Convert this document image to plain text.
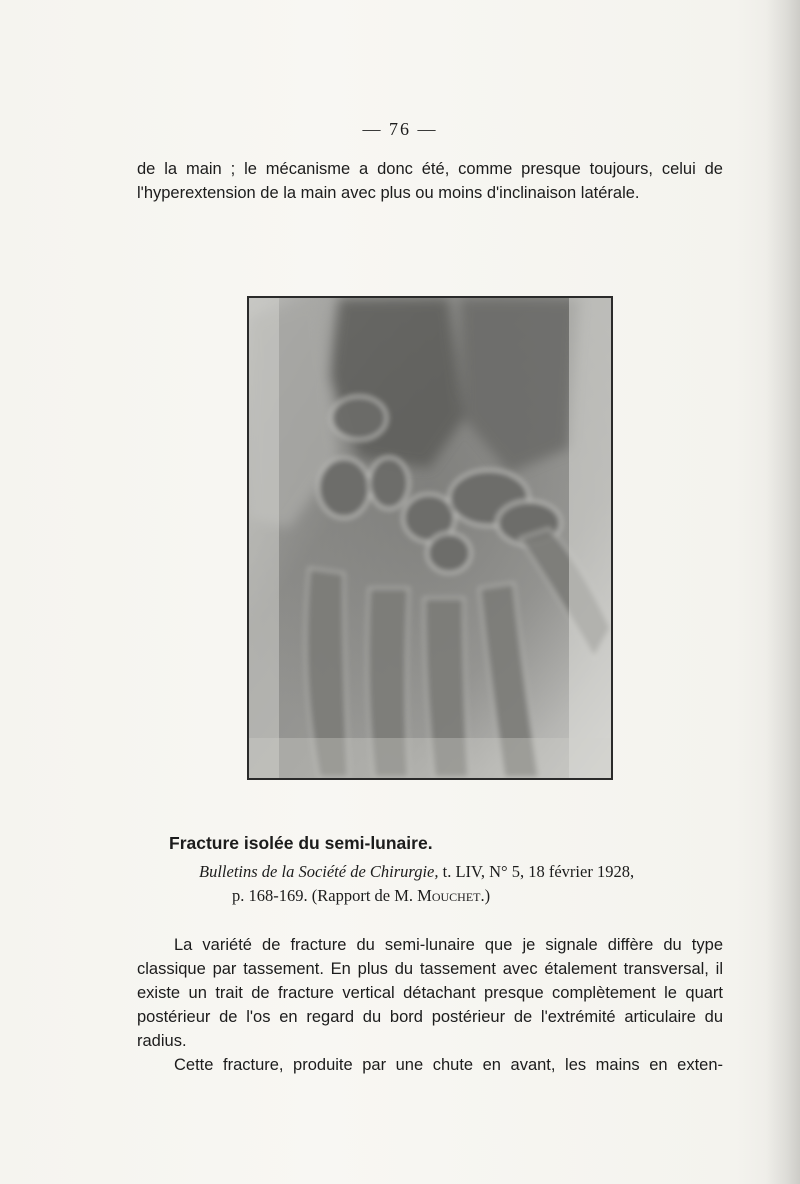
— 76 —
de la main ; le mécanisme a donc été, comme presque toujours, celui de l'hyperextension de la main avec plus ou moins d'inclinaison latérale.
Fracture isolée du semi-lunaire.
Bulletins de la Société de Chirurgie, t. LIV, N° 5, 18 février 1928,
p. 168-169. (Rapport de M. Mouchet.)
La variété de fracture du semi-lunaire que je signale diffère du type classique par tassement. En plus du tassement avec étalement transversal, il existe un trait de fracture vertical détachant presque complètement le quart postérieur de l'os en regard du bord postérieur de l'extrémité articulaire du radius.
Cette fracture, produite par une chute en avant, les mains en exten-
